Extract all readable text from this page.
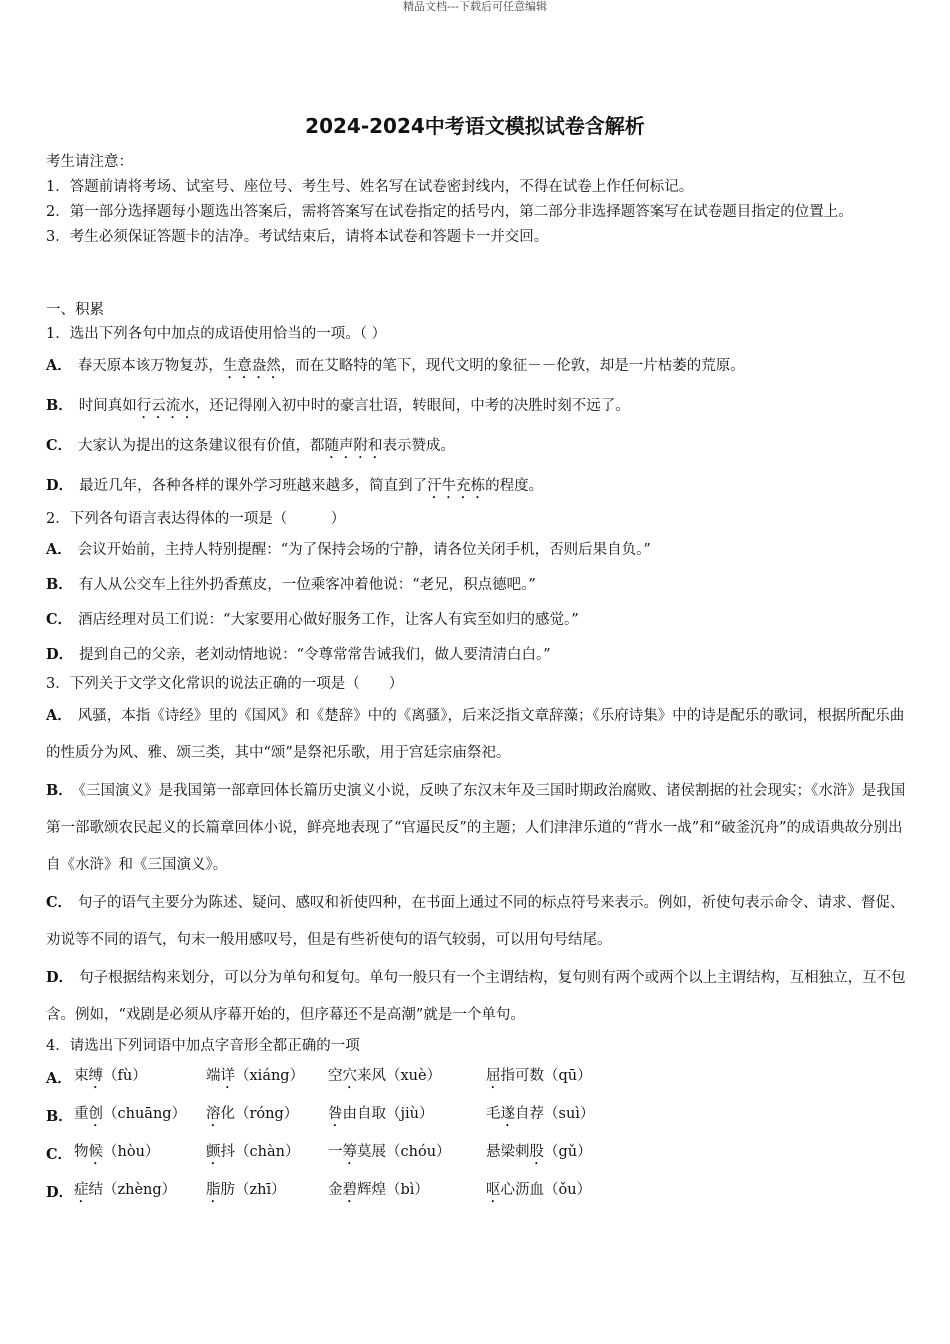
精品文档---下载后可任意编辑
2024-2024中考语文模拟试卷含解析

考生请注意：

1．答题前请将考场、试室号、座位号、考生号、姓名写在试卷密封线内，不得在试卷上作任何标记。

2．第一部分选择题每小题选出答案后，需将答案写在试卷指定的括号内，第二部分非选择题答案写在试卷题目指定的位置上。

3．考生必须保证答题卡的洁净。考试结束后，请将本试卷和答题卡一并交回。

一、积累

1．选出下列各句中加点的成语使用恰当的一项。（ ）

A． 春天原本该万物复苏，生意盎然，而在艾略特的笔下，现代文明的象征－－伦敦，却是一片枯萎的荒原。

B． 时间真如行云流水，还记得刚入初中时的豪言壮语，转眼间，中考的决胜时刻不远了。

C． 大家认为提出的这条建议很有价值，都随声附和表示赞成。

D． 最近几年，各种各样的课外学习班越来越多，简直到了汗牛充栋的程度。

2．下列各句语言表达得体的一项是（　　　）

A． 会议开始前，主持人特别提醒：“为了保持会场的宁静，请各位关闭手机，否则后果自负。”

B． 有人从公交车上往外扔香蕉皮，一位乘客冲着他说：“老兄，积点德吧。”

C． 酒店经理对员工们说：“大家要用心做好服务工作，让客人有宾至如归的感觉。”

D． 提到自己的父亲，老刘动情地说：“令尊常常告诫我们，做人要清清白白。”

3．下列关于文学文化常识的说法正确的一项是（　　）

A． 风骚，本指《诗经》里的《国风》和《楚辞》中的《离骚》，后来泛指文章辞藻；《乐府诗集》中的诗是配乐的歌词，根据所配乐曲的性质分为风、雅、颂三类，其中“颂”是祭祀乐歌，用于宫廷宗庙祭祀。

B． 《三国演义》是我国第一部章回体长篇历史演义小说，反映了东汉末年及三国时期政治腐败、诸侯割据的社会现实；《水浒》是我国第一部歌颂农民起义的长篇章回体小说，鲜亮地表现了“官逼民反”的主题；人们津津乐道的“背水一战”和“破釜沉舟”的成语典故分别出自《水浒》和《三国演义》。

C． 句子的语气主要分为陈述、疑问、感叹和祈使四种，在书面上通过不同的标点符号来表示。例如，祈使句表示命令、请求、督促、劝说等不同的语气，句末一般用感叹号，但是有些祈使句的语气较弱，可以用句号结尾。

D． 句子根据结构来划分，可以分为单句和复句。单句一般只有一个主谓结构，复句则有两个或两个以上主谓结构，互相独立，互不包含。例如，“戏剧是必须从序幕开始的，但序幕还不是高潮”就是一个单句。

4．请选出下列词语中加点字音形全都正确的一项

A． 束缚（fù）	端详（xiáng）	空穴来风（xuè）	屈指可数（qū）
B． 重创（chuāng）	溶化（róng）	咎由自取（jiù）	毛遂自荐（suì）
C． 物候（hòu）	颤抖（chàn）	一筹莫展（chóu）	悬梁刺股（gǔ）
D． 症结（zhèng）	脂肪（zhī）	金碧辉煌（bì）	呕心沥血（ǒu）
